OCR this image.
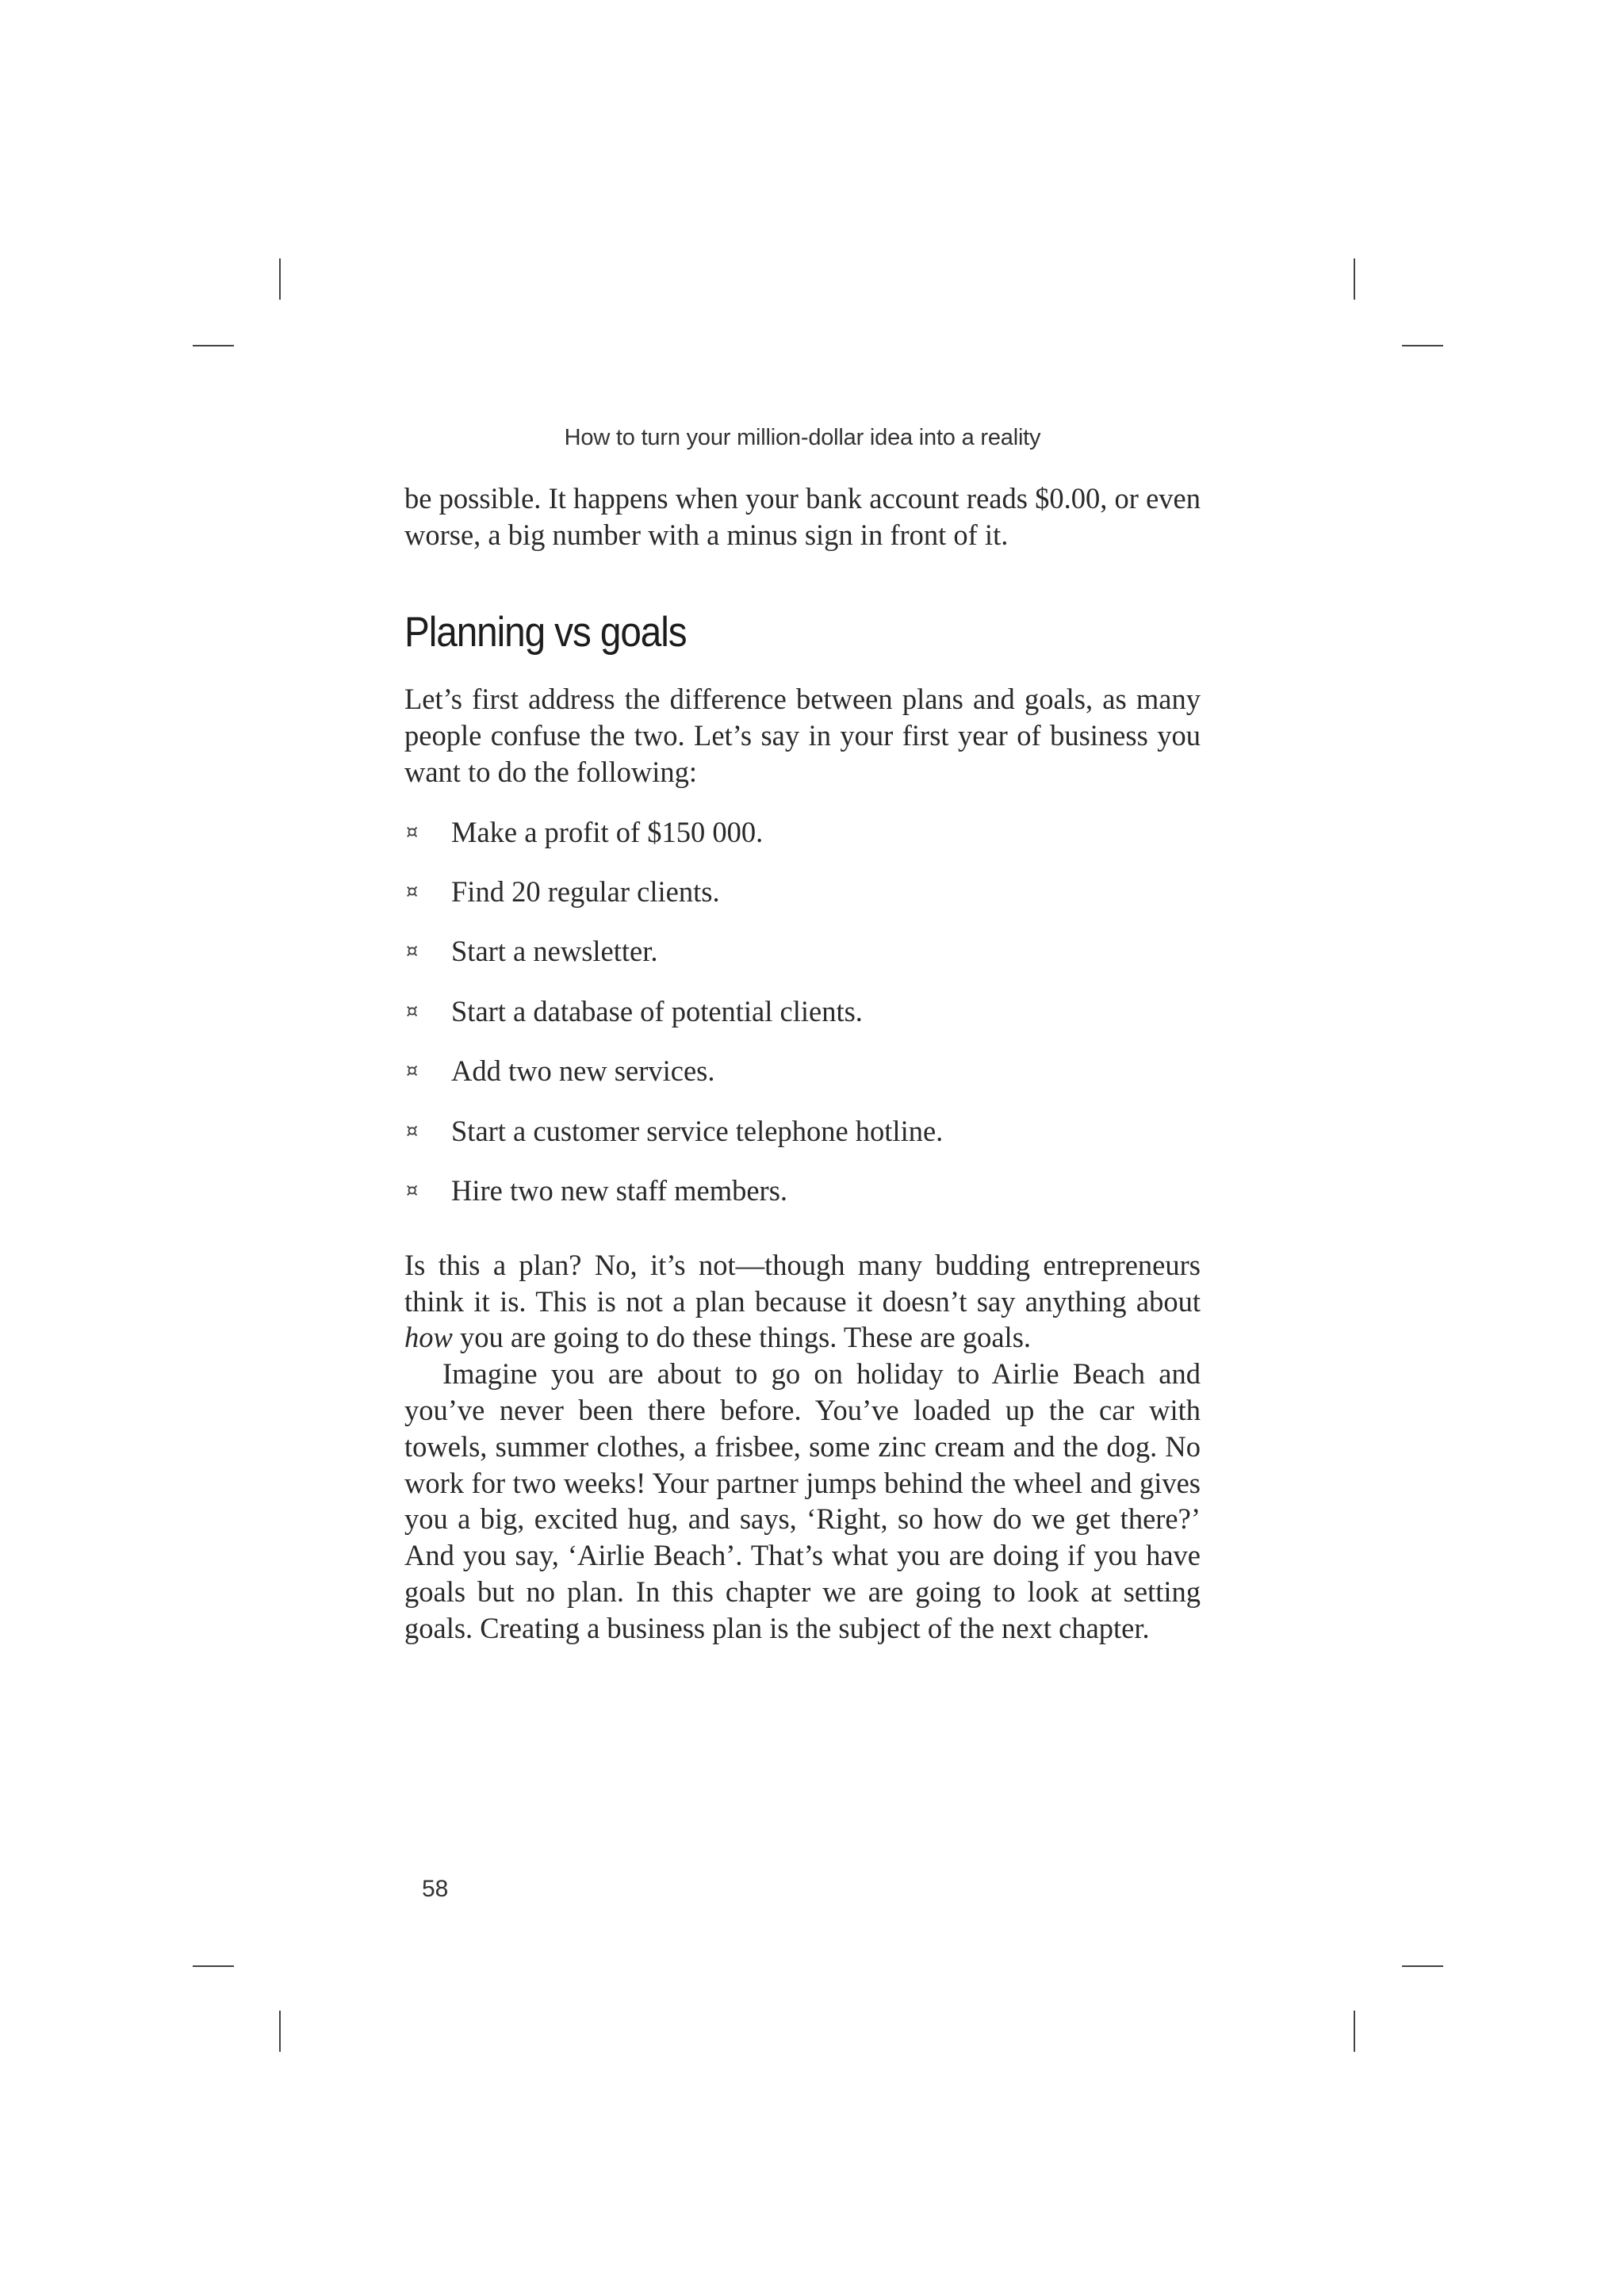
How to turn your million-dollar idea into a reality

be possible. It happens when your bank account reads $0.00, or even worse, a big number with a minus sign in front of it.

Planning vs goals

Let’s first address the difference between plans and goals, as many people confuse the two. Let’s say in your first year of business you want to do the following:

¤ Make a profit of $150 000.
¤ Find 20 regular clients.
¤ Start a newsletter.
¤ Start a database of potential clients.
¤ Add two new services.
¤ Start a customer service telephone hotline.
¤ Hire two new staff members.

Is this a plan? No, it’s not—though many budding entrepreneurs think it is. This is not a plan because it doesn’t say anything about how you are going to do these things. These are goals.

Imagine you are about to go on holiday to Airlie Beach and you’ve never been there before. You’ve loaded up the car with towels, summer clothes, a frisbee, some zinc cream and the dog. No work for two weeks! Your partner jumps behind the wheel and gives you a big, excited hug, and says, ‘Right, so how do we get there?’ And you say, ‘Airlie Beach’. That’s what you are doing if you have goals but no plan. In this chapter we are going to look at setting goals. Creating a business plan is the subject of the next chapter.

58
